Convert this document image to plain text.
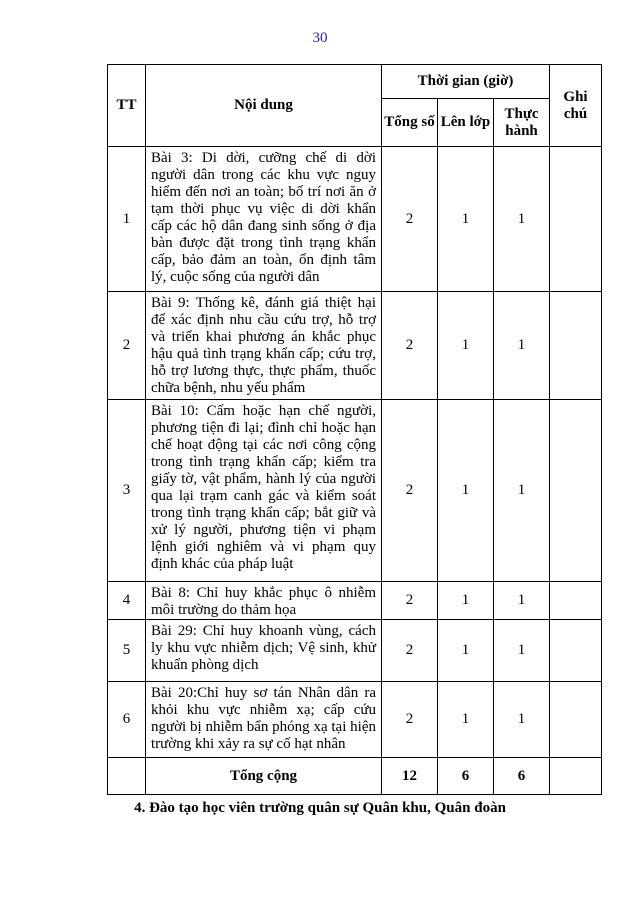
30
TT	Nội dung	Thời gian (giờ)			Ghi chú
		Tổng số	Lên lớp	Thực hành	
1	Bài 3: Di dời, cưỡng chế di dời người dân trong các khu vực nguy hiểm đến nơi an toàn; bố trí nơi ăn ở tạm thời phục vụ việc di dời khẩn cấp các hộ dân đang sinh sống ở địa bàn được đặt trong tình trạng khẩn cấp, bảo đảm an toàn, ổn định tâm lý, cuộc sống của người dân	2	1	1	
2	Bài 9: Thống kê, đánh giá thiệt hại để xác định nhu cầu cứu trợ, hỗ trợ và triển khai phương án khắc phục hậu quả tình trạng khẩn cấp; cứu trợ, hỗ trợ lương thực, thực phẩm, thuốc chữa bệnh, nhu yếu phẩm	2	1	1	
3	Bài 10: Cấm hoặc hạn chế người, phương tiện đi lại; đình chỉ hoặc hạn chế hoạt động tại các nơi công cộng trong tình trạng khẩn cấp; kiểm tra giấy tờ, vật phẩm, hành lý của người qua lại trạm canh gác và kiểm soát trong tình trạng khẩn cấp; bắt giữ và xử lý người, phương tiện vi phạm lệnh giới nghiêm và vi phạm quy định khác của pháp luật	2	1	1	
4	Bài 8: Chỉ huy khắc phục ô nhiễm môi trường do thảm họa	2	1	1	
5	Bài 29: Chỉ huy khoanh vùng, cách ly khu vực nhiễm dịch; Vệ sinh, khử khuẩn phòng dịch	2	1	1	
6	Bài 20:Chỉ huy sơ tán Nhân dân ra khỏi khu vực nhiễm xạ; cấp cứu người bị nhiễm bẩn phóng xạ tại hiện trường khi xảy ra sự cố hạt nhân	2	1	1	
	Tổng cộng	12	6	6	
4. Đào tạo học viên trường quân sự Quân khu, Quân đoàn
